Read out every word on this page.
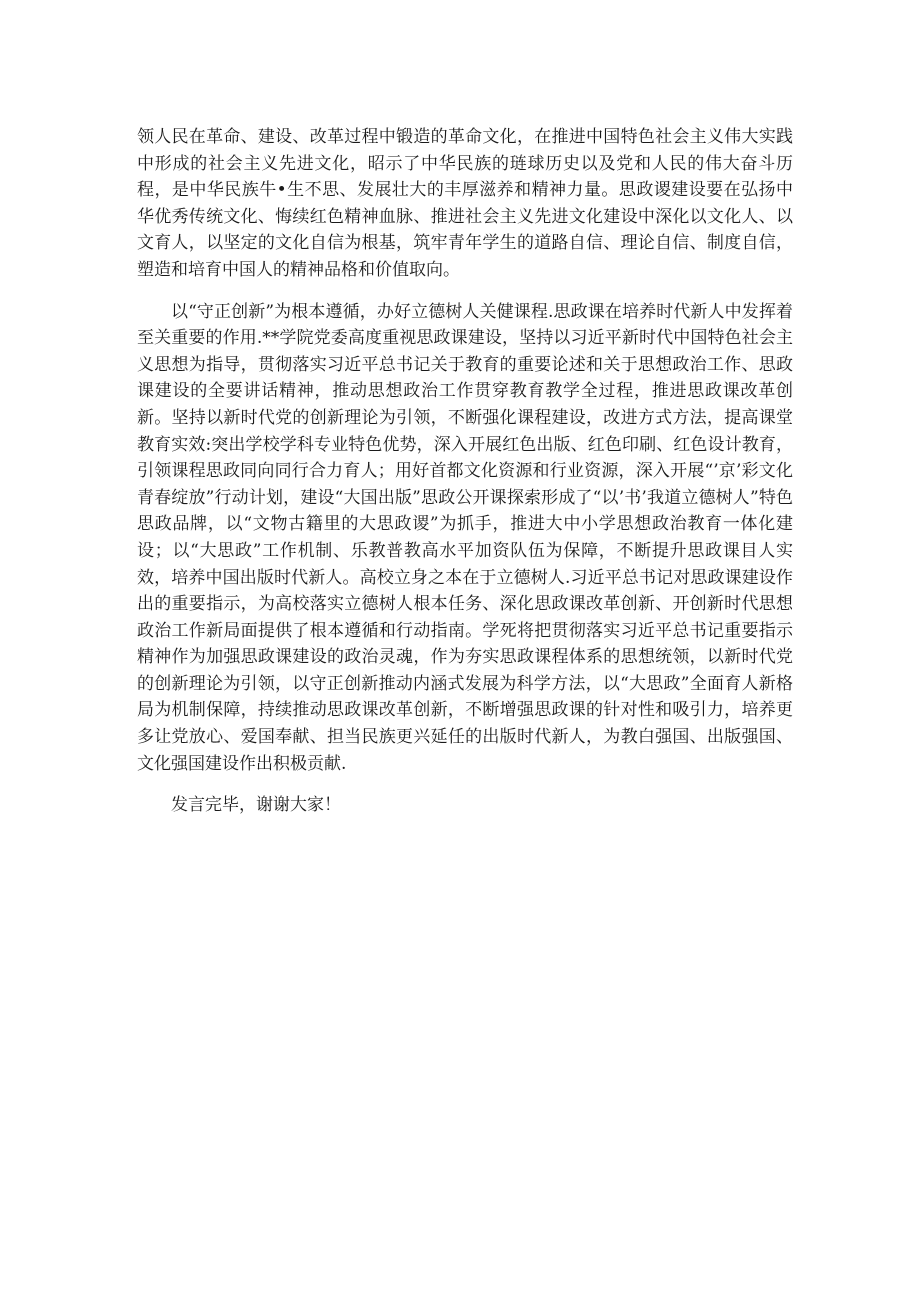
领人民在革命、建设、改革过程中锻造的革命文化，在推进中国特色社会主义伟大实践中形成的社会主义先进文化，昭示了中华民族的琏球历史以及党和人民的伟大奋斗历程，是中华民族牛•生不思、发展壮大的丰厚滋养和精神力量。思政谡建设要在弘扬中华优秀传统文化、悔续红色精神血脉、推进社会主义先进文化建设中深化以文化人、以文育人，以坚定的文化自信为根基，筑牢青年学生的道路自信、理论自信、制度自信，塑造和培育中国人的精神品格和价值取向。

以“守正创新”为根本遵循，办好立德树人关健课程.思政课在培养时代新人中发挥着至关重要的作用.**学院党委高度重视思政课建设，坚持以习近平新时代中国特色社会主义思想为指导，贯彻落实习近平总书记关于教育的重要论述和关于思想政治工作、思政课建设的全要讲话精神，推动思想政治工作贯穿教育教学全过程，推进思政课改革创新。坚持以新时代党的创新理论为引领，不断强化课程建设，改进方式方法，提高课堂教育实效:突出学校学科专业特色优势，深入开展红色出版、红色印刷、红色设计教育，引领课程思政同向同行合力育人；用好首都文化资源和行业资源，深入开展“’京’彩文化青春绽放”行动计划，建设“大国出版”思政公开课探索形成了“以’书’我道立德树人”特色思政品牌，以“文物古籍里的大思政谡”为抓手，推进大中小学思想政治教育一体化建设；以“大思政”工作机制、乐教普教高水平加资队伍为保障，不断提升思政课目人实效，培养中国出版时代新人。高校立身之本在于立德树人.习近平总书记对思政课建设作出的重要指示，为高校落实立德树人根本任务、深化思政课改革创新、开创新时代思想政治工作新局面提供了根本遵循和行动指南。学死将把贯彻落实习近平总书记重要指示精神作为加强思政课建设的政治灵魂，作为夯实思政课程体系的思想统领，以新时代党的创新理论为引领，以守正创新推动内涵式发展为科学方法，以“大思政”全面育人新格局为机制保障，持续推动思政课改革创新，不断增强思政课的针对性和吸引力，培养更多让党放心、爱国奉献、担当民族更兴延任的出版时代新人，为教白强国、出版强国、文化强国建设作出积极贡献.

发言完毕，谢谢大家！
